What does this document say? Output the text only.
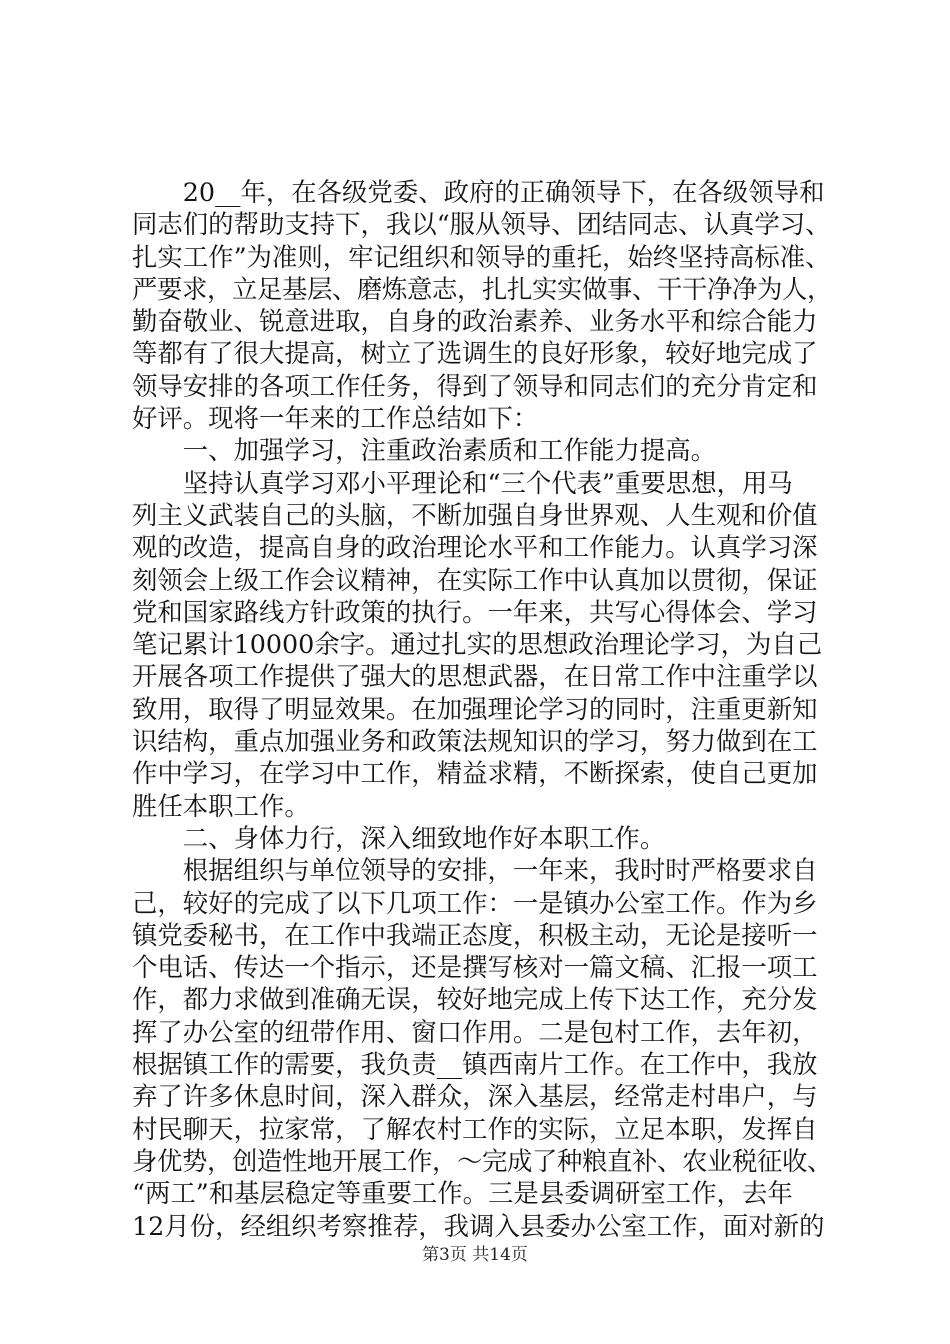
　　20__年，在各级党委、政府的正确领导下，在各级领导和
同志们的帮助支持下，我以“服从领导、团结同志、认真学习、
扎实工作”为准则，牢记组织和领导的重托，始终坚持高标准、
严要求，立足基层、磨炼意志，扎扎实实做事、干干净净为人，
勤奋敬业、锐意进取，自身的政治素养、业务水平和综合能力
等都有了很大提高，树立了选调生的良好形象，较好地完成了
领导安排的各项工作任务，得到了领导和同志们的充分肯定和
好评。现将一年来的工作总结如下：
　　一、加强学习，注重政治素质和工作能力提高。
　　坚持认真学习邓小平理论和“三个代表”重要思想，用马
列主义武装自己的头脑，不断加强自身世界观、人生观和价值
观的改造，提高自身的政治理论水平和工作能力。认真学习深
刻领会上级工作会议精神，在实际工作中认真加以贯彻，保证
党和国家路线方针政策的执行。一年来，共写心得体会、学习
笔记累计10000余字。通过扎实的思想政治理论学习，为自己
开展各项工作提供了强大的思想武器，在日常工作中注重学以
致用，取得了明显效果。在加强理论学习的同时，注重更新知
识结构，重点加强业务和政策法规知识的学习，努力做到在工
作中学习，在学习中工作，精益求精，不断探索，使自己更加
胜任本职工作。
　　二、身体力行，深入细致地作好本职工作。
　　根据组织与单位领导的安排，一年来，我时时严格要求自
己，较好的完成了以下几项工作：一是镇办公室工作。作为乡
镇党委秘书，在工作中我端正态度，积极主动，无论是接听一
个电话、传达一个指示，还是撰写核对一篇文稿、汇报一项工
作，都力求做到准确无误，较好地完成上传下达工作，充分发
挥了办公室的纽带作用、窗口作用。二是包村工作，去年初，
根据镇工作的需要，我负责__镇西南片工作。在工作中，我放
弃了许多休息时间，深入群众，深入基层，经常走村串户，与
村民聊天，拉家常，了解农村工作的实际，立足本职，发挥自
身优势，创造性地开展工作，～完成了种粮直补、农业税征收、
“两工”和基层稳定等重要工作。三是县委调研室工作，去年
12月份，经组织考察推荐，我调入县委办公室工作，面对新的
第3页 共14页
